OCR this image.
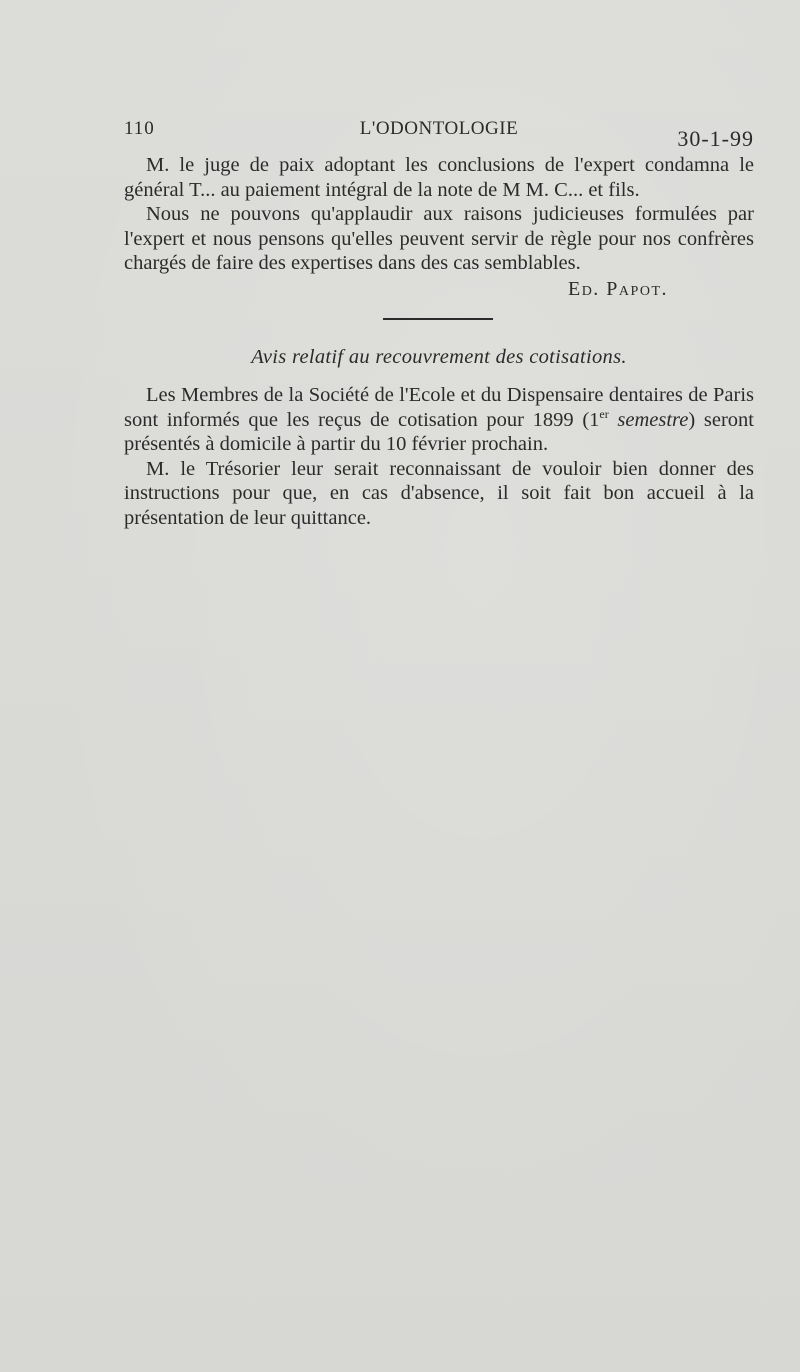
110	L'ODONTOLOGIE	30-1-99

M. le juge de paix adoptant les conclusions de l'expert condamna le général T... au paiement intégral de la note de M M. C... et fils.

Nous ne pouvons qu'applaudir aux raisons judicieuses formulées par l'expert et nous pensons qu'elles peuvent servir de règle pour nos confrères chargés de faire des expertises dans des cas semblables.

Ed. Papot.
Avis relatif au recouvrement des cotisations.

Les Membres de la Société de l'Ecole et du Dispensaire dentaires de Paris sont informés que les reçus de cotisation pour 1899 (1er semestre) seront présentés à domicile à partir du 10 février prochain.

M. le Trésorier leur serait reconnaissant de vouloir bien donner des instructions pour que, en cas d'absence, il soit fait bon accueil à la présentation de leur quittance.
